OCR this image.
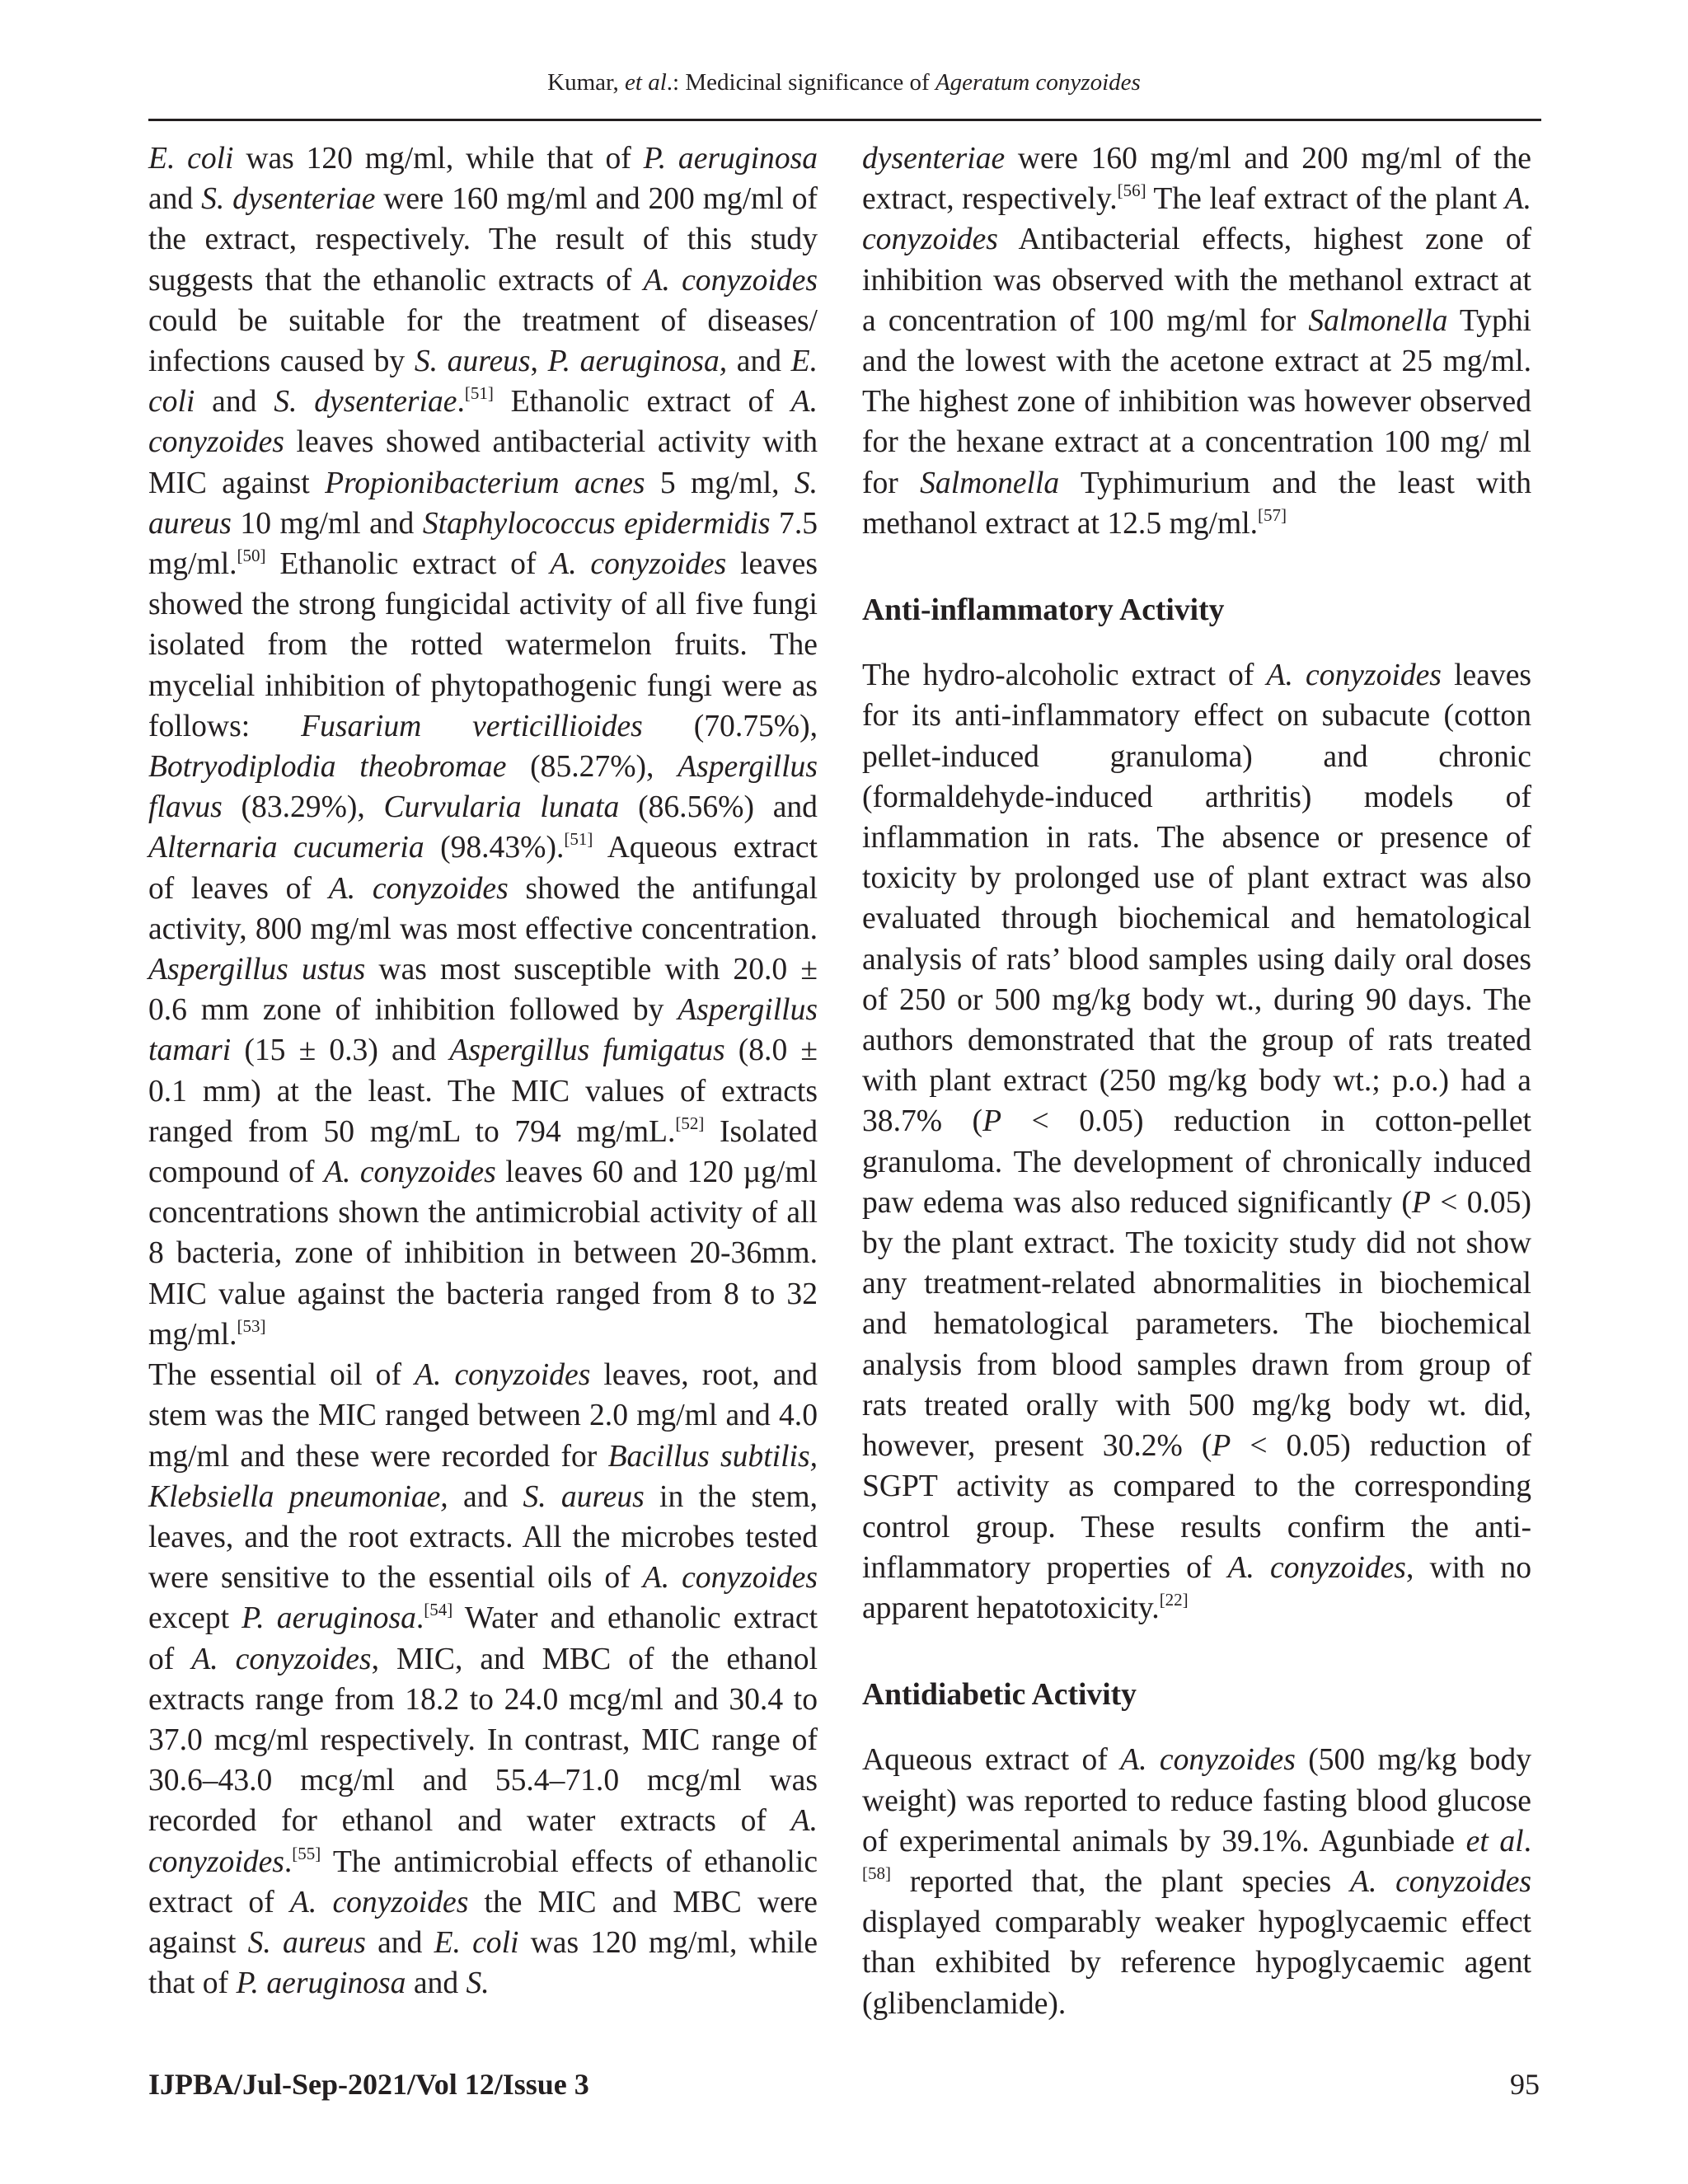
Kumar, et al.: Medicinal significance of Ageratum conyzoides

E. coli was 120 mg/ml, while that of P. aeruginosa and S. dysenteriae were 160 mg/ml and 200 mg/ml of the extract, respectively. The result of this study suggests that the ethanolic extracts of A. conyzoides could be suitable for the treatment of diseases/ infections caused by S. aureus, P. aeruginosa, and E. coli and S. dysenteriae.[51] Ethanolic extract of A. conyzoides leaves showed antibacterial activity with MIC against Propionibacterium acnes 5 mg/ml, S. aureus 10 mg/ml and Staphylococcus epidermidis 7.5 mg/ml.[50] Ethanolic extract of A. conyzoides leaves showed the strong fungicidal activity of all five fungi isolated from the rotted watermelon fruits. The mycelial inhibition of phytopathogenic fungi were as follows: Fusarium verticillioides (70.75%), Botryodiplodia theobromae (85.27%), Aspergillus flavus (83.29%), Curvularia lunata (86.56%) and Alternaria cucumeria (98.43%).[51] Aqueous extract of leaves of A. conyzoides showed the antifungal activity, 800 mg/ml was most effective concentration. Aspergillus ustus was most susceptible with 20.0 ± 0.6 mm zone of inhibition followed by Aspergillus tamari (15 ± 0.3) and Aspergillus fumigatus (8.0 ± 0.1 mm) at the least. The MIC values of extracts ranged from 50 mg/mL to 794 mg/mL.[52] Isolated compound of A. conyzoides leaves 60 and 120 µg/ml concentrations shown the antimicrobial activity of all 8 bacteria, zone of inhibition in between 20-36mm. MIC value against the bacteria ranged from 8 to 32 mg/ml.[53]

The essential oil of A. conyzoides leaves, root, and stem was the MIC ranged between 2.0 mg/ml and 4.0 mg/ml and these were recorded for Bacillus subtilis, Klebsiella pneumoniae, and S. aureus in the stem, leaves, and the root extracts. All the microbes tested were sensitive to the essential oils of A. conyzoides except P. aeruginosa.[54] Water and ethanolic extract of A. conyzoides, MIC, and MBC of the ethanol extracts range from 18.2 to 24.0 mcg/ml and 30.4 to 37.0 mcg/ml respectively. In contrast, MIC range of 30.6–43.0 mcg/ml and 55.4–71.0 mcg/ml was recorded for ethanol and water extracts of A. conyzoides.[55] The antimicrobial effects of ethanolic extract of A. conyzoides the MIC and MBC were against S. aureus and E. coli was 120 mg/ml, while that of P. aeruginosa and S.

dysenteriae were 160 mg/ml and 200 mg/ml of the extract, respectively.[56] The leaf extract of the plant A. conyzoides Antibacterial effects, highest zone of inhibition was observed with the methanol extract at a concentration of 100 mg/ml for Salmonella Typhi and the lowest with the acetone extract at 25 mg/ml. The highest zone of inhibition was however observed for the hexane extract at a concentration 100 mg/ ml for Salmonella Typhimurium and the least with methanol extract at 12.5 mg/ml.[57]

Anti-inflammatory Activity

The hydro-alcoholic extract of A. conyzoides leaves for its anti-inflammatory effect on subacute (cotton pellet-induced granuloma) and chronic (formaldehyde-induced arthritis) models of inflammation in rats. The absence or presence of toxicity by prolonged use of plant extract was also evaluated through biochemical and hematological analysis of rats’ blood samples using daily oral doses of 250 or 500 mg/kg body wt., during 90 days. The authors demonstrated that the group of rats treated with plant extract (250 mg/kg body wt.; p.o.) had a 38.7% (P < 0.05) reduction in cotton-pellet granuloma. The development of chronically induced paw edema was also reduced significantly (P < 0.05) by the plant extract. The toxicity study did not show any treatment-related abnormalities in biochemical and hematological parameters. The biochemical analysis from blood samples drawn from group of rats treated orally with 500 mg/kg body wt. did, however, present 30.2% (P < 0.05) reduction of SGPT activity as compared to the corresponding control group. These results confirm the anti-inflammatory properties of A. conyzoides, with no apparent hepatotoxicity.[22]

Antidiabetic Activity

Aqueous extract of A. conyzoides (500 mg/kg body weight) was reported to reduce fasting blood glucose of experimental animals by 39.1%. Agunbiade et al.[58] reported that, the plant species A. conyzoides displayed comparably weaker hypoglycaemic effect than exhibited by reference hypoglycaemic agent (glibenclamide).

IJPBA/Jul-Sep-2021/Vol 12/Issue 3	95
